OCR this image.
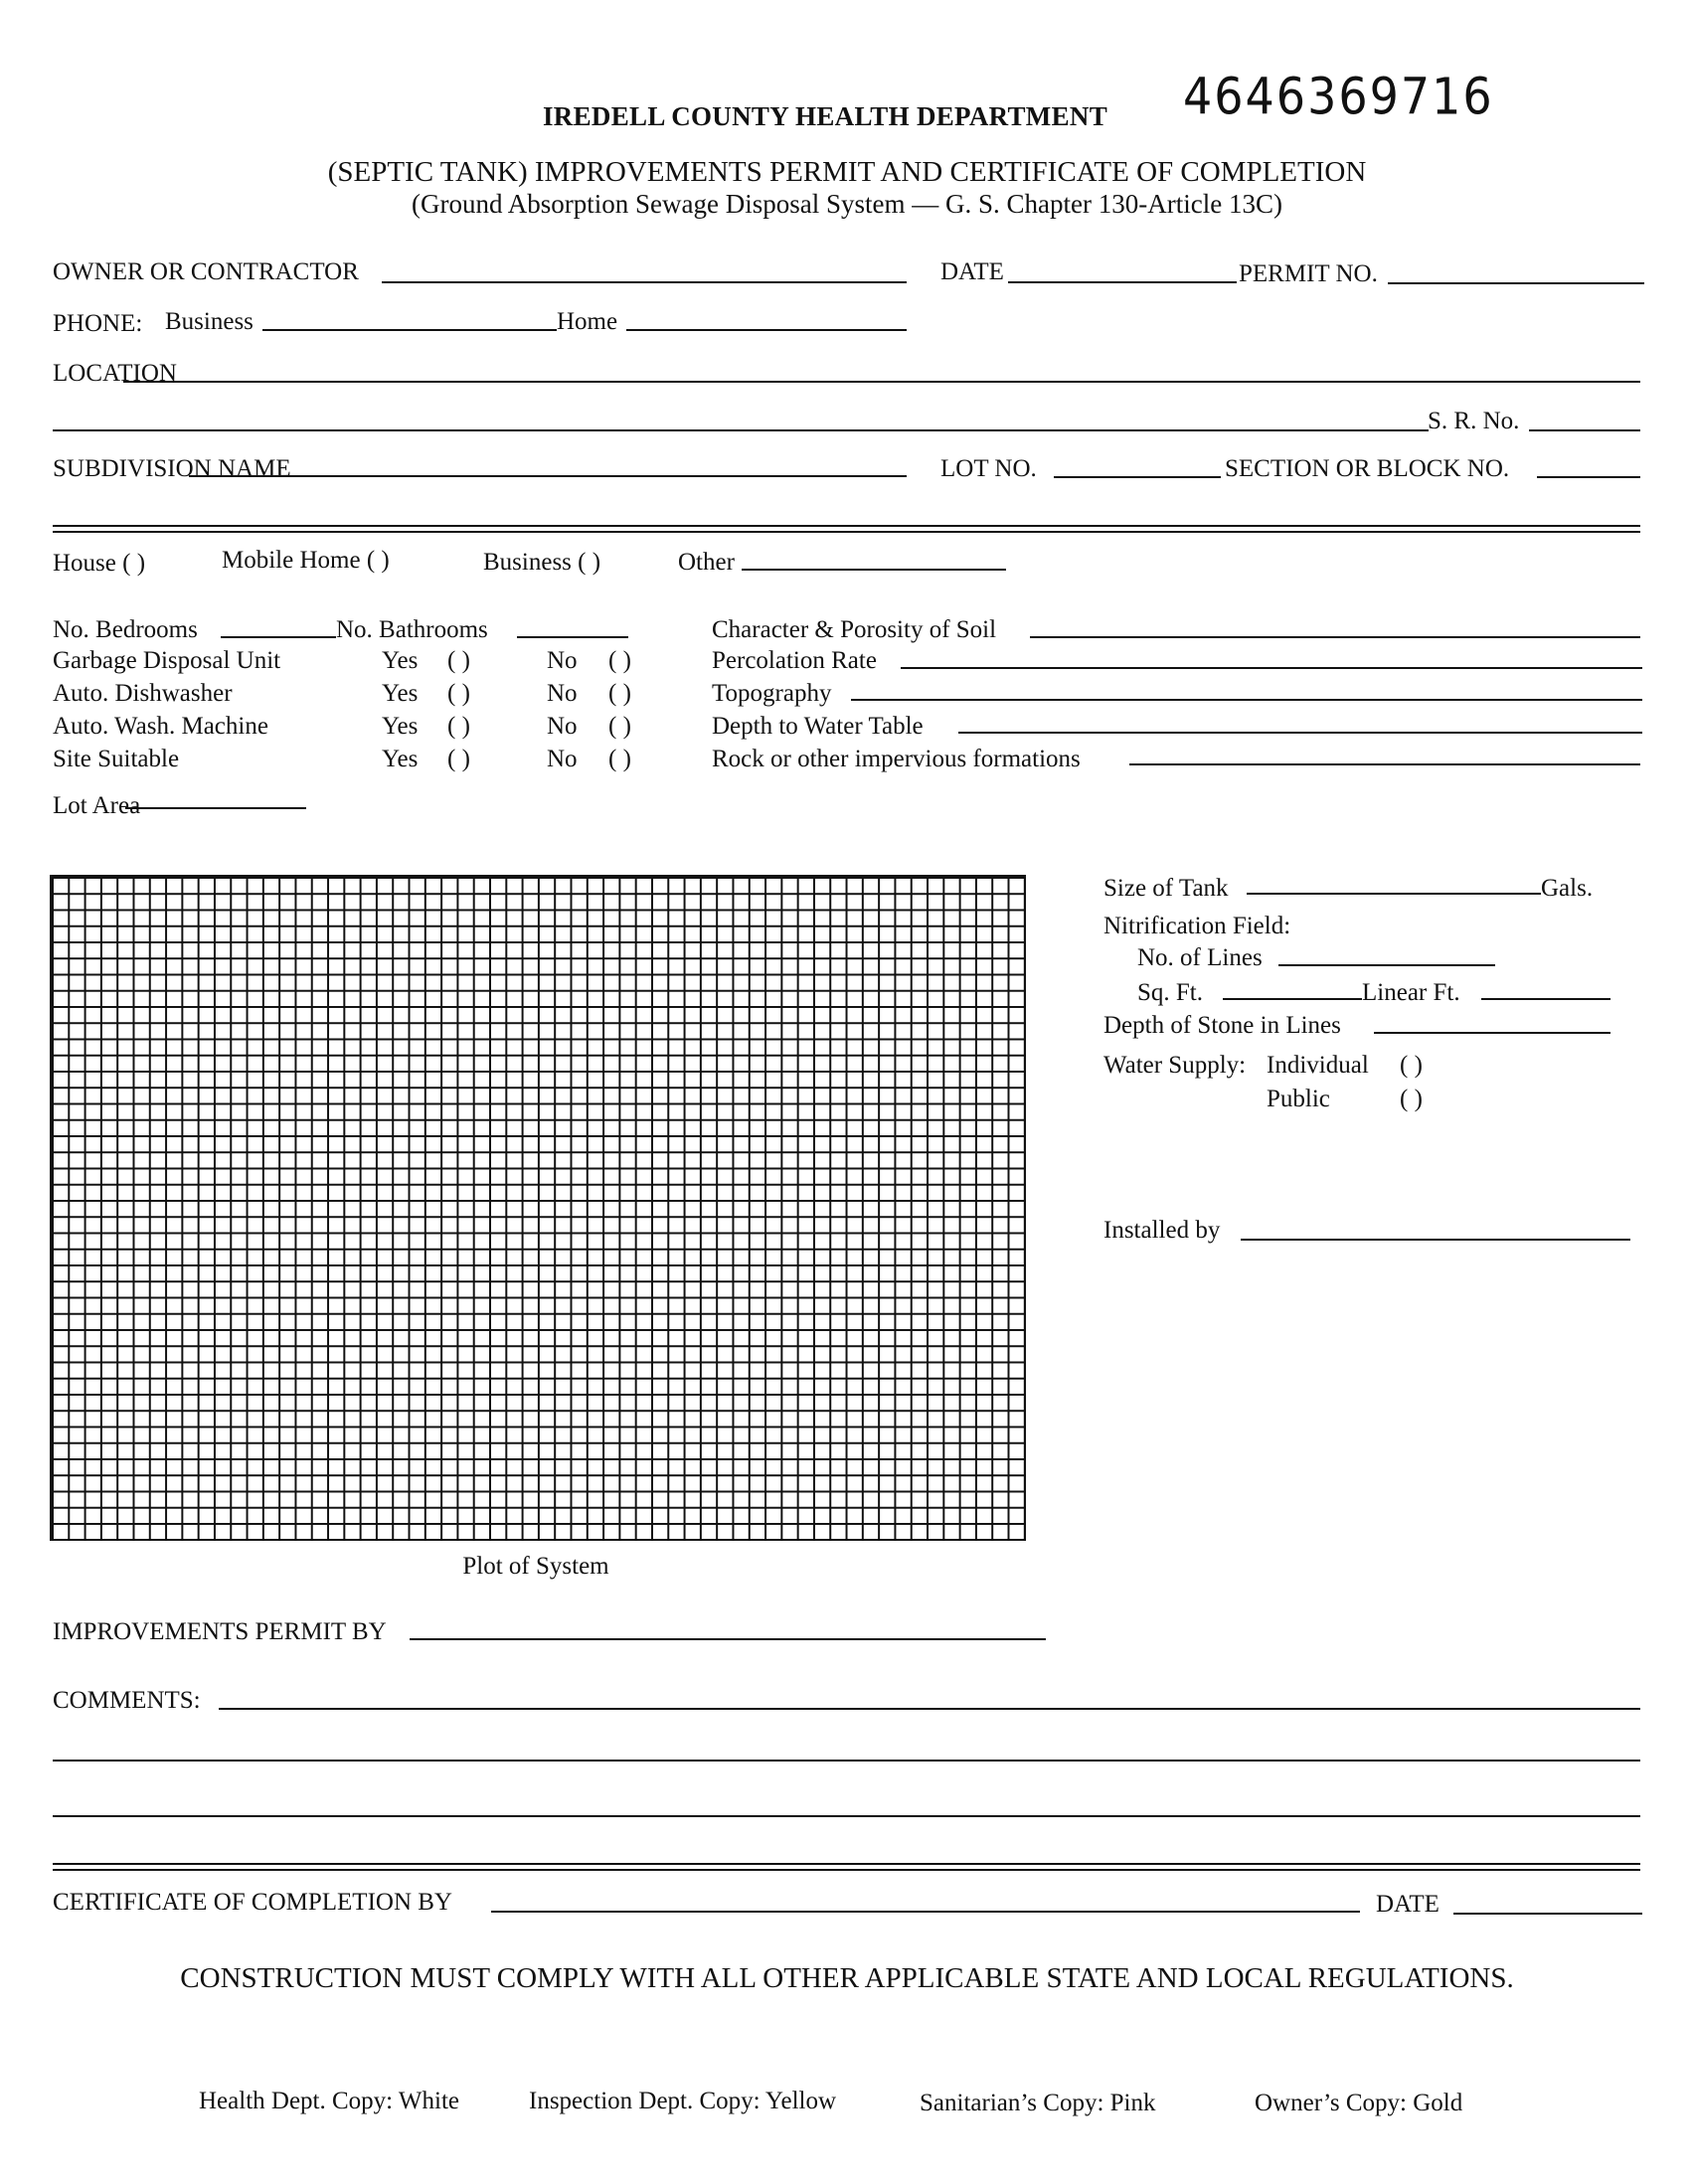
IREDELL COUNTY HEALTH DEPARTMENT 4646369716
(SEPTIC TANK) IMPROVEMENTS PERMIT AND CERTIFICATE OF COMPLETION
(Ground Absorption Sewage Disposal System — G. S. Chapter 130-Article 13C)
OWNER OR CONTRACTOR	DATE	PERMIT NO.
PHONE: Business	Home
LOCATION
S. R. No.
SUBDIVISION NAME	LOT NO.	SECTION OR BLOCK NO.
House ( )	Mobile Home ( )	Business ( )	Other
No. Bedrooms	No. Bathrooms
Garbage Disposal Unit	Yes ( )	No ( )
Auto. Dishwasher	Yes ( )	No ( )
Auto. Wash. Machine	Yes ( )	No ( )
Site Suitable	Yes ( )	No ( )
Lot Area
Character & Porosity of Soil
Percolation Rate
Topography
Depth to Water Table
Rock or other impervious formations
Plot of System
Size of Tank	Gals.
Nitrification Field:
No. of Lines
Sq. Ft.	Linear Ft.
Depth of Stone in Lines
Water Supply: Individual ( )
Public	( )
Installed by
IMPROVEMENTS PERMIT BY
COMMENTS:
CERTIFICATE OF COMPLETION BY	DATE
CONSTRUCTION MUST COMPLY WITH ALL OTHER APPLICABLE STATE AND LOCAL REGULATIONS.
Health Dept. Copy: White	Inspection Dept. Copy: Yellow	Sanitarian’s Copy: Pink	Owner’s Copy: Gold
